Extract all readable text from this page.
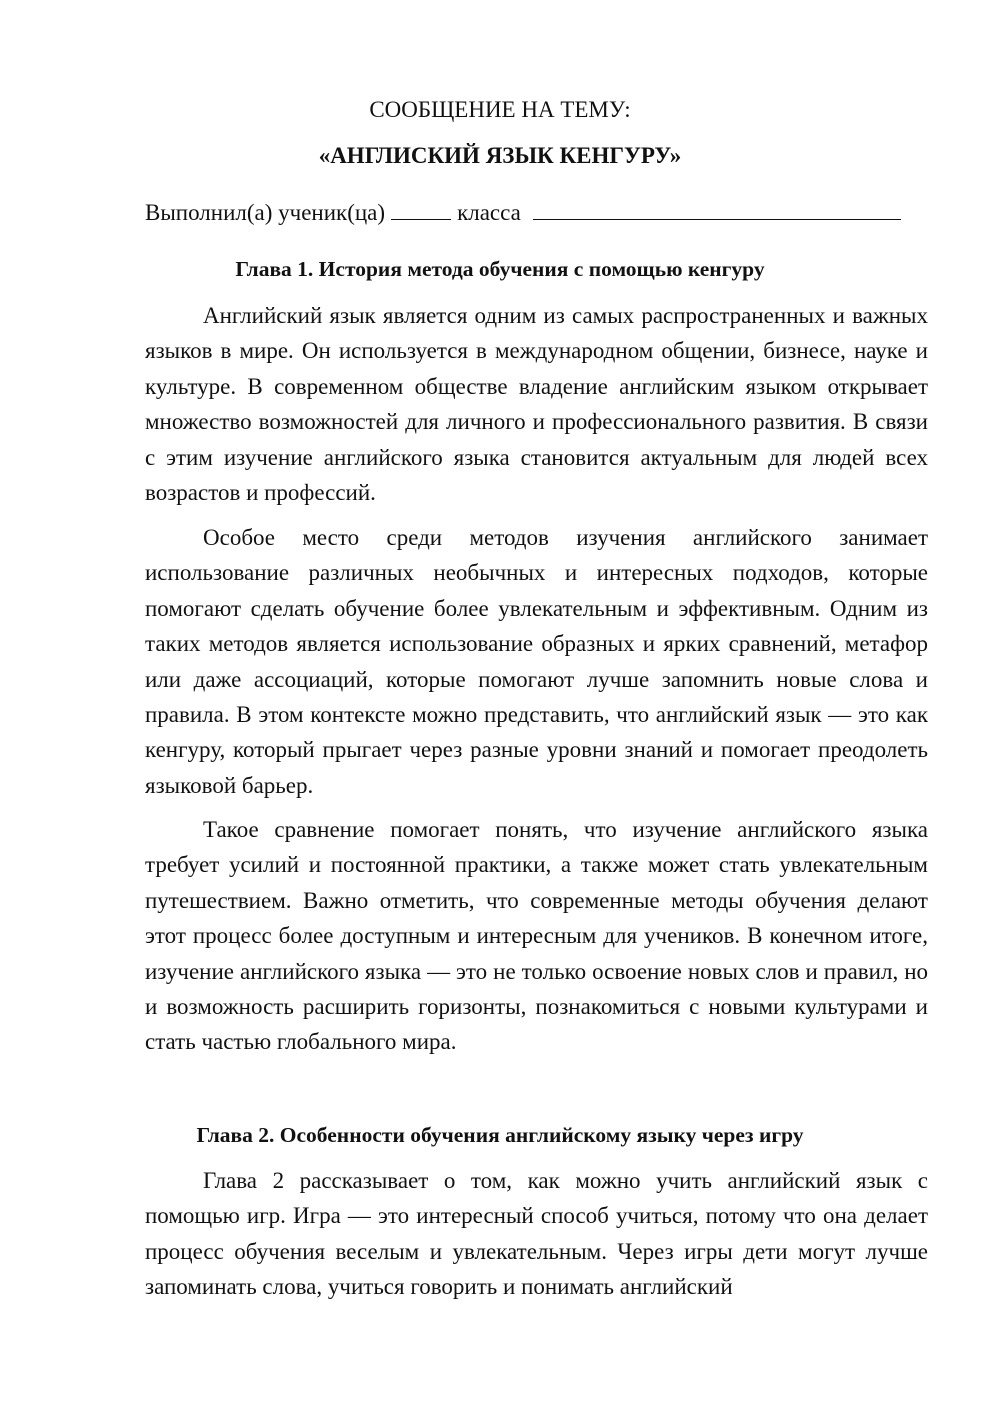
СООБЩЕНИЕ НА ТЕМУ:
«АНГЛИСКИЙ ЯЗЫК КЕНГУРУ»
Выполнил(а) ученик(ца)	класса
Глава 1. История метода обучения с помощью кенгуру

Английский язык является одним из самых распространенных и важных языков в мире. Он используется в международном общении, бизнесе, науке и культуре. В современном обществе владение английским языком открывает множество возможностей для личного и профессионального развития. В связи с этим изучение английского языка становится актуальным для людей всех возрастов и профессий.

Особое место среди методов изучения английского занимает использование различных необычных и интересных подходов, которые помогают сделать обучение более увлекательным и эффективным. Одним из таких методов является использование образных и ярких сравнений, метафор или даже ассоциаций, которые помогают лучше запомнить новые слова и правила. В этом контексте можно представить, что английский язык — это как кенгуру, который прыгает через разные уровни знаний и помогает преодолеть языковой барьер.

Такое сравнение помогает понять, что изучение английского языка требует усилий и постоянной практики, а также может стать увлекательным путешествием. Важно отметить, что современные методы обучения делают этот процесс более доступным и интересным для учеников. В конечном итоге, изучение английского языка — это не только освоение новых слов и правил, но и возможность расширить горизонты, познакомиться с новыми культурами и стать частью глобального мира.

Глава 2. Особенности обучения английскому языку через игру

Глава 2 рассказывает о том, как можно учить английский язык с помощью игр. Игра — это интересный способ учиться, потому что она делает процесс обучения веселым и увлекательным. Через игры дети могут лучше запоминать слова, учиться говорить и понимать английский
